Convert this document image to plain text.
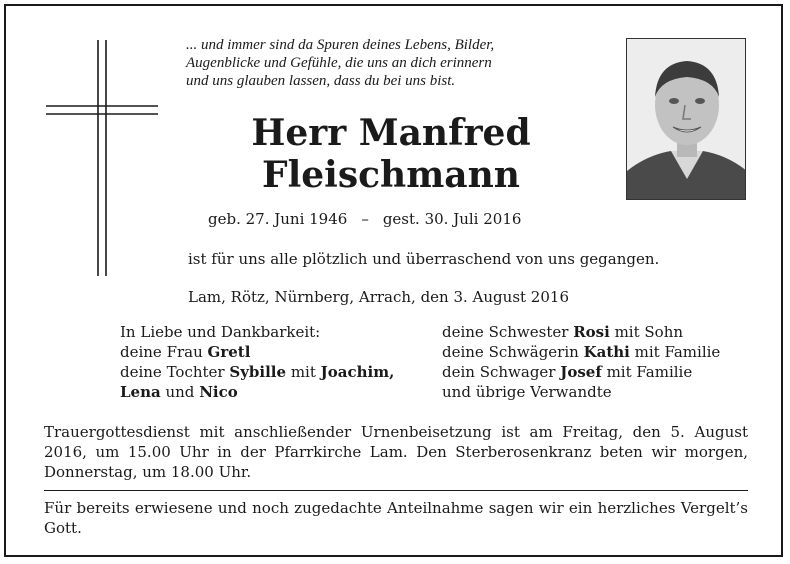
... und immer sind da Spuren deines Lebens, Bilder,
Augenblicke und Gefühle, die uns an dich erinnern
und uns glauben lassen, dass du bei uns bist.
Herr Manfred
Fleischmann
geb. 27. Juni 1946 – gest. 30. Juli 2016
ist für uns alle plötzlich und überraschend von uns gegangen.
Lam, Rötz, Nürnberg, Arrach, den 3. August 2016
In Liebe und Dankbarkeit:
deine Frau Gretl
deine Tochter Sybille mit Joachim,
Lena und Nico
deine Schwester Rosi mit Sohn
deine Schwägerin Kathi mit Familie
dein Schwager Josef mit Familie
und übrige Verwandte
Trauergottesdienst mit anschließender Urnenbeisetzung ist am Freitag, den 5. August 2016, um 15.00 Uhr in der Pfarrkirche Lam. Den Sterberosenkranz beten wir morgen, Donnerstag, um 18.00 Uhr.
Für bereits erwiesene und noch zugedachte Anteilnahme sagen wir ein herzliches Vergelt’s Gott.
